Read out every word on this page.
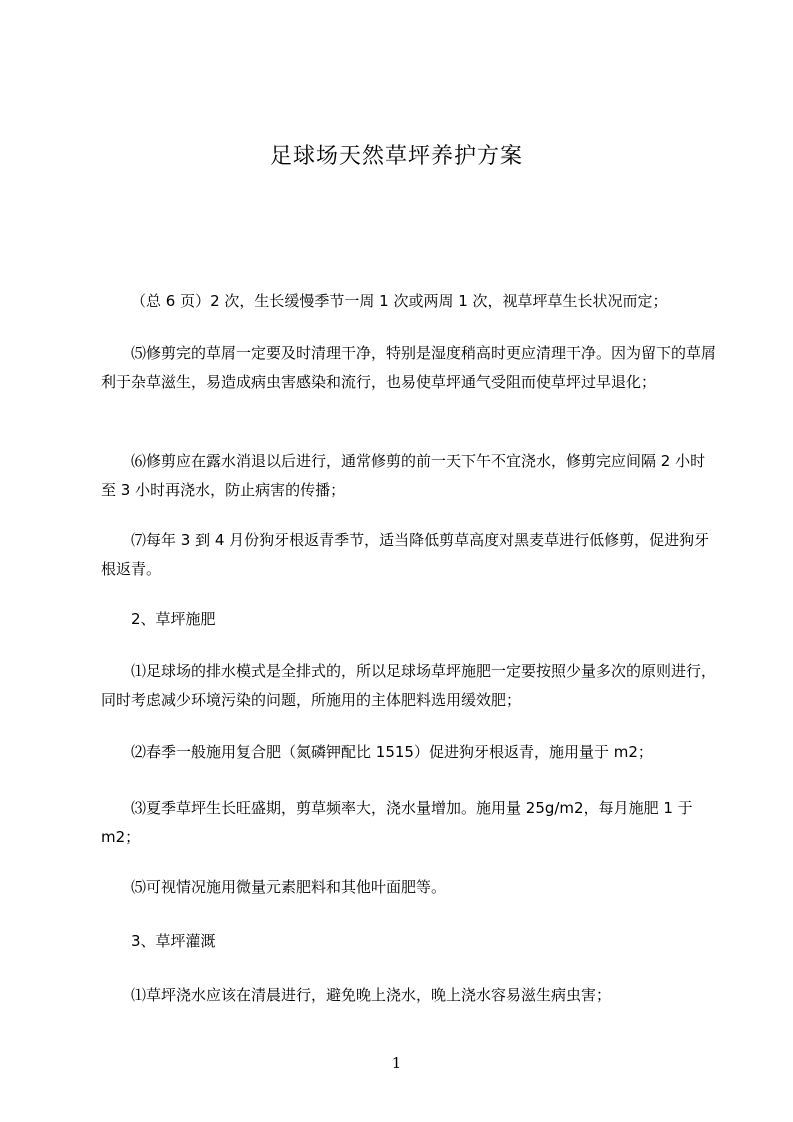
足球场天然草坪养护方案

（总 6 页）2 次，生长缓慢季节一周 1 次或两周 1 次，视草坪草生长状况而定；

⑸修剪完的草屑一定要及时清理干净，特别是湿度稍高时更应清理干净。因为留下的草屑利于杂草滋生，易造成病虫害感染和流行，也易使草坪通气受阻而使草坪过早退化；

⑹修剪应在露水消退以后进行，通常修剪的前一天下午不宜浇水，修剪完应间隔 2 小时至 3 小时再浇水，防止病害的传播；

⑺每年 3 到 4 月份狗牙根返青季节，适当降低剪草高度对黑麦草进行低修剪，促进狗牙根返青。

2、草坪施肥

⑴足球场的排水模式是全排式的，所以足球场草坪施肥一定要按照少量多次的原则进行，同时考虑减少环境污染的问题，所施用的主体肥料选用缓效肥；

⑵春季一般施用复合肥（氮磷钾配比 1515）促进狗牙根返青，施用量于 m2；

⑶夏季草坪生长旺盛期，剪草频率大，浇水量增加。施用量 25g/m2，每月施肥 1 于 m2；

⑸可视情况施用微量元素肥料和其他叶面肥等。

3、草坪灌溉

⑴草坪浇水应该在清晨进行，避免晚上浇水，晚上浇水容易滋生病虫害；

1
